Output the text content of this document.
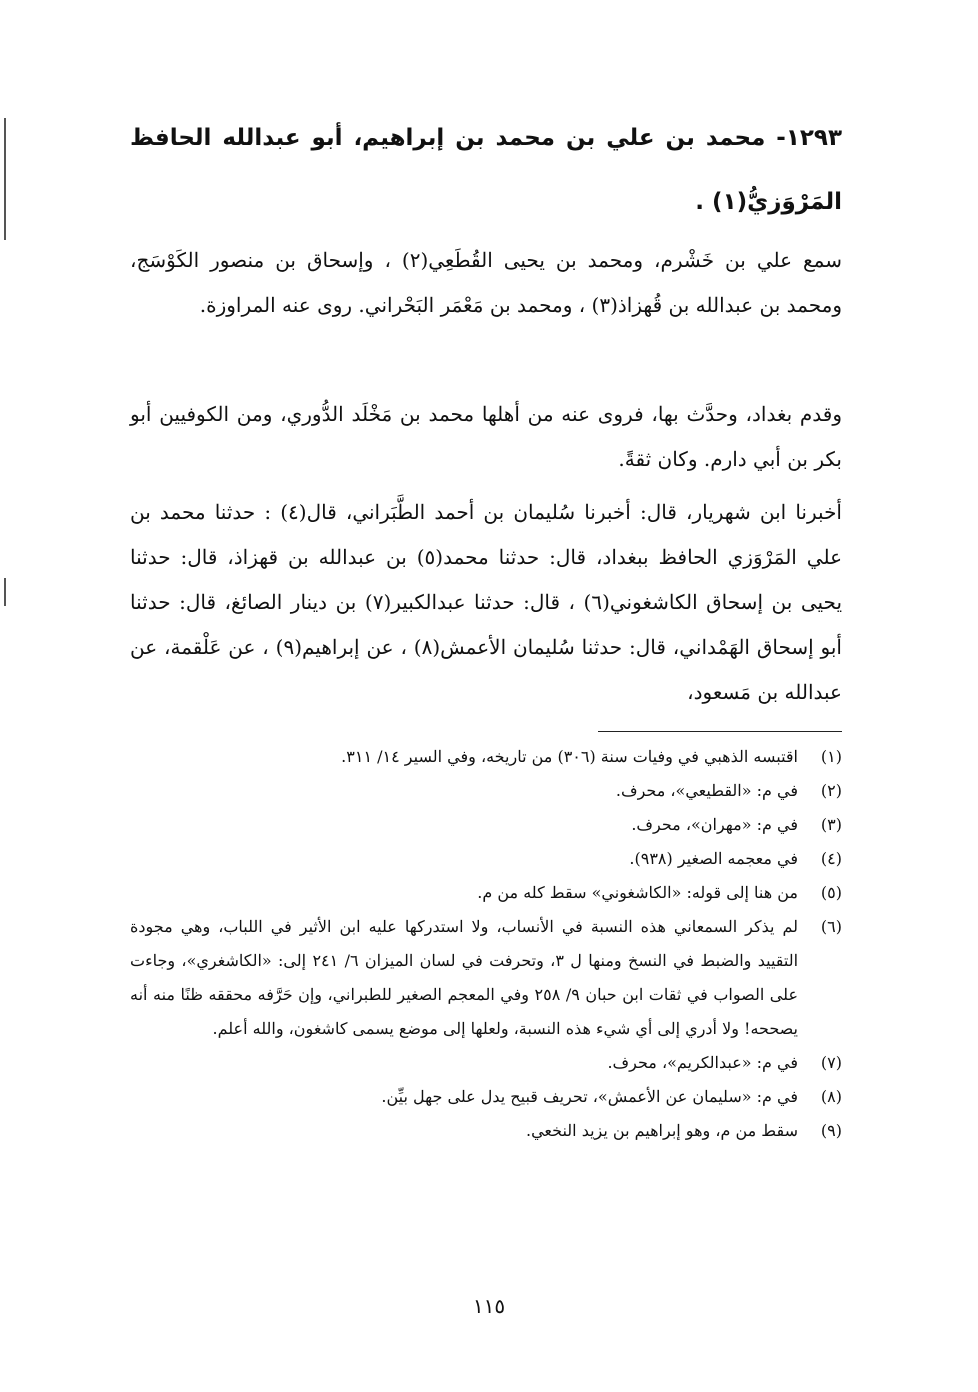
١٢٩٣- محمد بن علي بن محمد بن إبراهيم، أبو عبدالله الحافظ المَرْوَزيُّ(١) .
سمع علي بن خَشْرم، ومحمد بن يحيى القُطَعِي(٢) ، وإسحاق بن منصور الكَوْسَج، ومحمد بن عبدالله بن قُهزاذ(٣) ، ومحمد بن مَعْمَر البَحْراني. روى عنه المراوزة.
وقدم بغداد، وحدَّث بها، فروى عنه من أهلها محمد بن مَخْلَد الدُّوري، ومن الكوفيين أبو بكر بن أبي دارم. وكان ثقةً.
أخبرنا ابن شهريار، قال: أخبرنا سُليمان بن أحمد الطَّبَراني، قال(٤) : حدثنا محمد بن علي المَرْوَزي الحافظ ببغداد، قال: حدثنا محمد(٥) بن عبدالله بن قهزاذ، قال: حدثنا يحيى بن إسحاق الكاشغوني(٦) ، قال: حدثنا عبدالكبير(٧) بن دينار الصائغ، قال: حدثنا أبو إسحاق الهَمْداني، قال: حدثنا سُليمان الأعمش(٨) ، عن إبراهيم(٩) ، عن عَلْقمة، عن عبدالله بن مَسعود،
(١)
اقتبسه الذهبي في وفيات سنة (٣٠٦) من تاريخه، وفي السير ١٤/ ٣١١.
(٢)
في م: «القطيعي»، محرف.
(٣)
في م: «مهران»، محرف.
(٤)
في معجمه الصغير (٩٣٨).
(٥)
من هنا إلى قوله: «الكاشغوني» سقط كله من م.
(٦)
لم يذكر السمعاني هذه النسبة في الأنساب، ولا استدركها عليه ابن الأثير في اللباب، وهي مجودة التقييد والضبط في النسخ ومنها ل ٣، وتحرفت في لسان الميزان ٦/ ٢٤١ إلى: «الكاشغري»، وجاءت على الصواب في ثقات ابن حبان ٩/ ٢٥٨ وفي المعجم الصغير للطبراني، وإن حَرَّفه محققه ظنًا منه أنه يصححه! ولا أدري إلى أي شيء هذه النسبة، ولعلها إلى موضع يسمى كاشغون، والله أعلم.
(٧)
في م: «عبدالكريم»، محرف.
(٨)
في م: «سليمان عن الأعمش»، تحريف قبيح يدل على جهل بيِّن.
(٩)
سقط من م، وهو إبراهيم بن يزيد النخعي.
١١٥
